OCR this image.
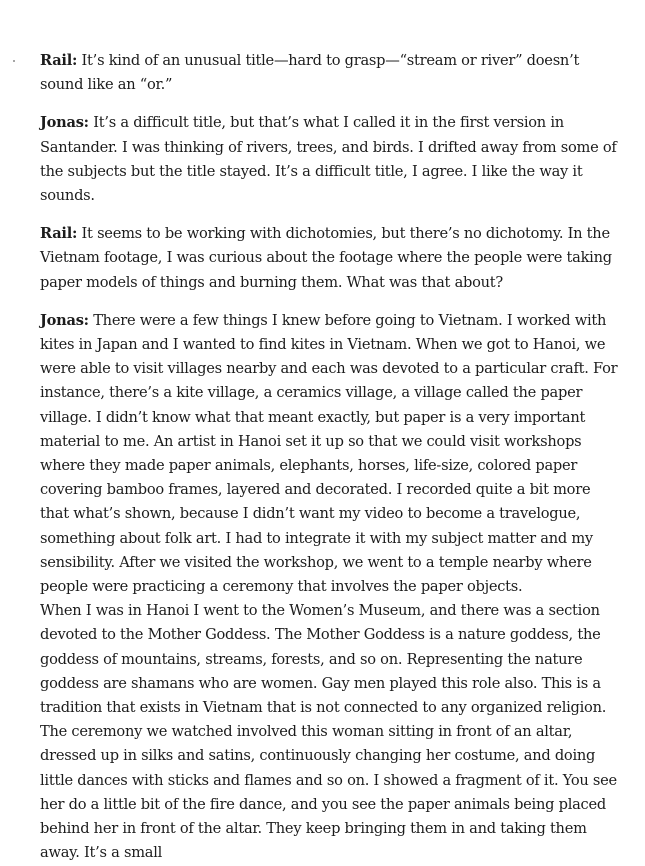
Rail: It’s kind of an unusual title—hard to grasp—“stream or river” doesn’t sound like an “or.”

Jonas: It’s a difficult title, but that’s what I called it in the first version in Santander. I was thinking of rivers, trees, and birds. I drifted away from some of the subjects but the title stayed. It’s a difficult title, I agree. I like the way it sounds.

Rail: It seems to be working with dichotomies, but there’s no dichotomy. In the Vietnam footage, I was curious about the footage where the people were taking paper models of things and burning them. What was that about?

Jonas: There were a few things I knew before going to Vietnam. I worked with kites in Japan and I wanted to find kites in Vietnam. When we got to Hanoi, we were able to visit villages nearby and each was devoted to a particular craft. For instance, there’s a kite village, a ceramics village, a village called the paper village. I didn’t know what that meant exactly, but paper is a very important material to me. An artist in Hanoi set it up so that we could visit workshops where they made paper animals, elephants, horses, life-size, colored paper covering bamboo frames, layered and decorated. I recorded quite a bit more that what’s shown, because I didn’t want my video to become a travelogue, something about folk art. I had to integrate it with my subject matter and my sensibility. After we visited the workshop, we went to a temple nearby where people were practicing a ceremony that involves the paper objects.

When I was in Hanoi I went to the Women’s Museum, and there was a section devoted to the Mother Goddess. The Mother Goddess is a nature goddess, the goddess of mountains, streams, forests, and so on. Representing the nature goddess are shamans who are women. Gay men played this role also. This is a tradition that exists in Vietnam that is not connected to any organized religion. The ceremony we watched involved this woman sitting in front of an altar, dressed up in silks and satins, continuously changing her costume, and doing little dances with sticks and flames and so on. I showed a fragment of it. You see her do a little bit of the fire dance, and you see the paper animals being placed behind her in front of the altar. They keep bringing them in and taking them away. It’s a small
